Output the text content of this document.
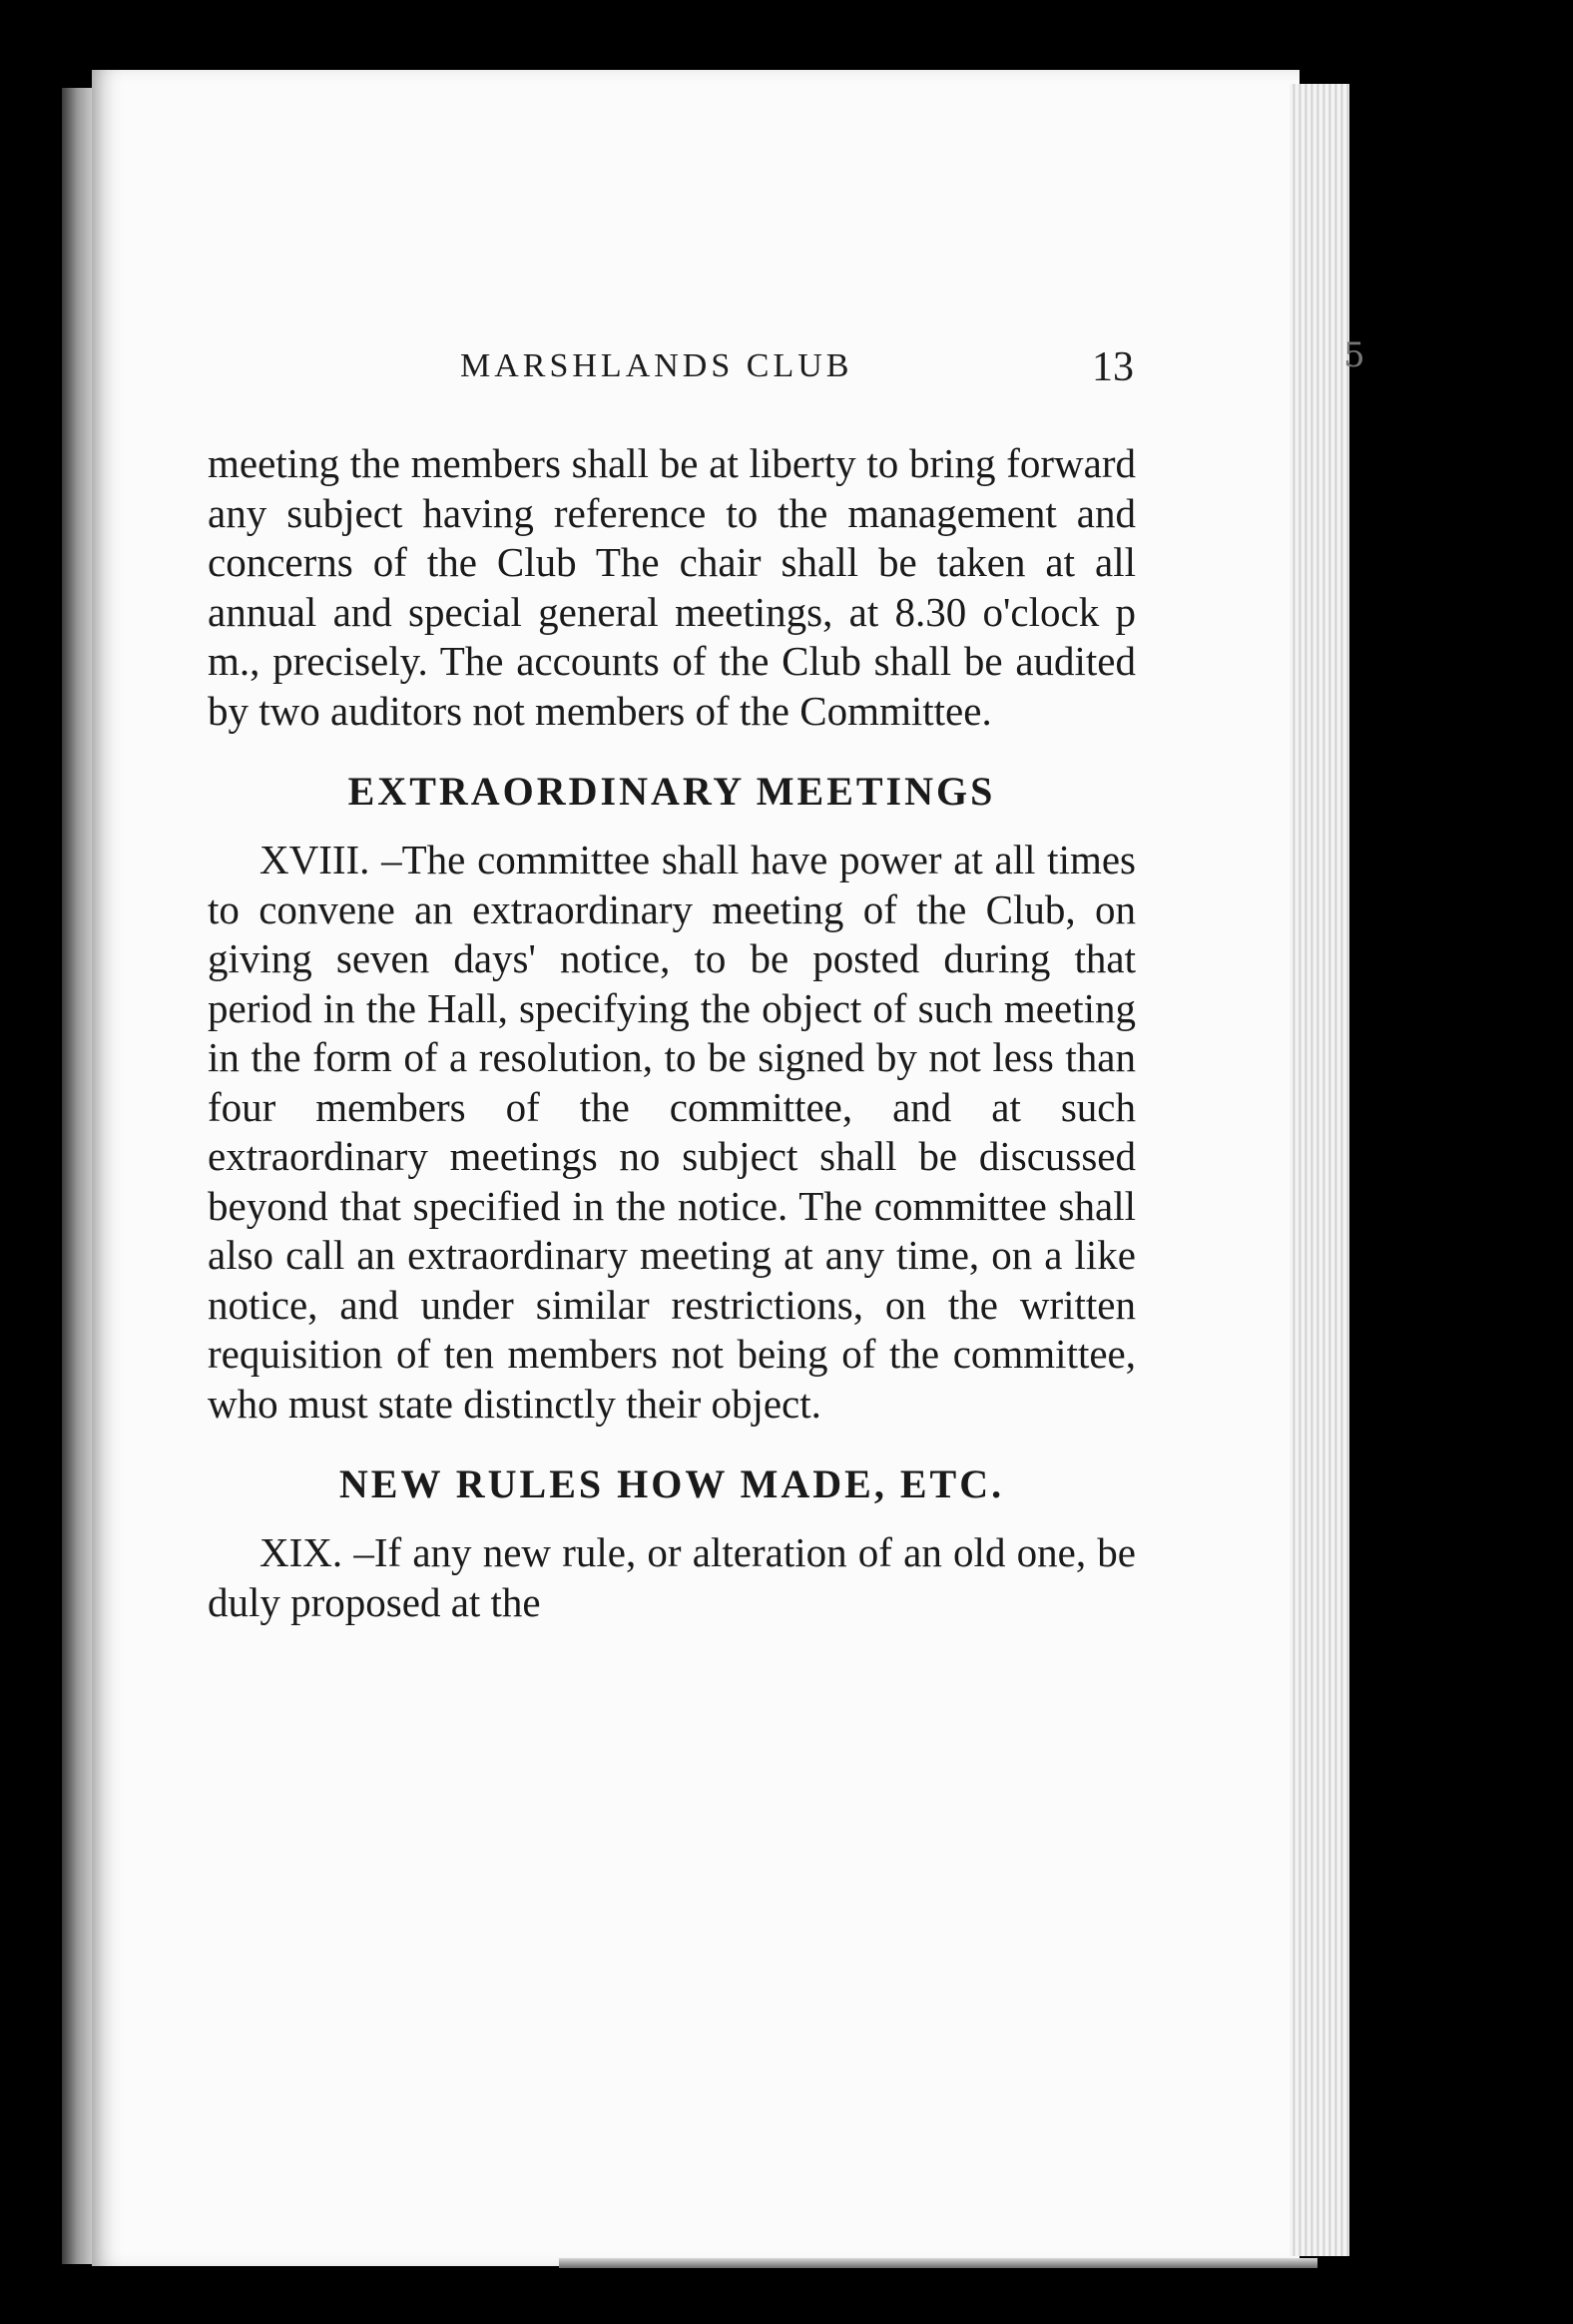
5
MARSHLANDS CLUB	13

meeting the members shall be at liberty to bring forward any subject having reference to the management and concerns of the Club The chair shall be taken at all annual and special general meetings, at 8.30 o'clock p m., precisely. The accounts of the Club shall be audited by two auditors not members of the Committee.

EXTRAORDINARY MEETINGS

XVIII. –The committee shall have power at all times to convene an extraordinary meeting of the Club, on giving seven days' notice, to be posted during that period in the Hall, specifying the object of such meeting in the form of a resolution, to be signed by not less than four members of the committee, and at such extraordinary meetings no subject shall be discussed beyond that specified in the notice. The committee shall also call an extraordinary meeting at any time, on a like notice, and under similar restrictions, on the written requisition of ten members not being of the committee, who must state distinctly their object.

NEW RULES HOW MADE, ETC.

XIX. –If any new rule, or alteration of an old one, be duly proposed at the
